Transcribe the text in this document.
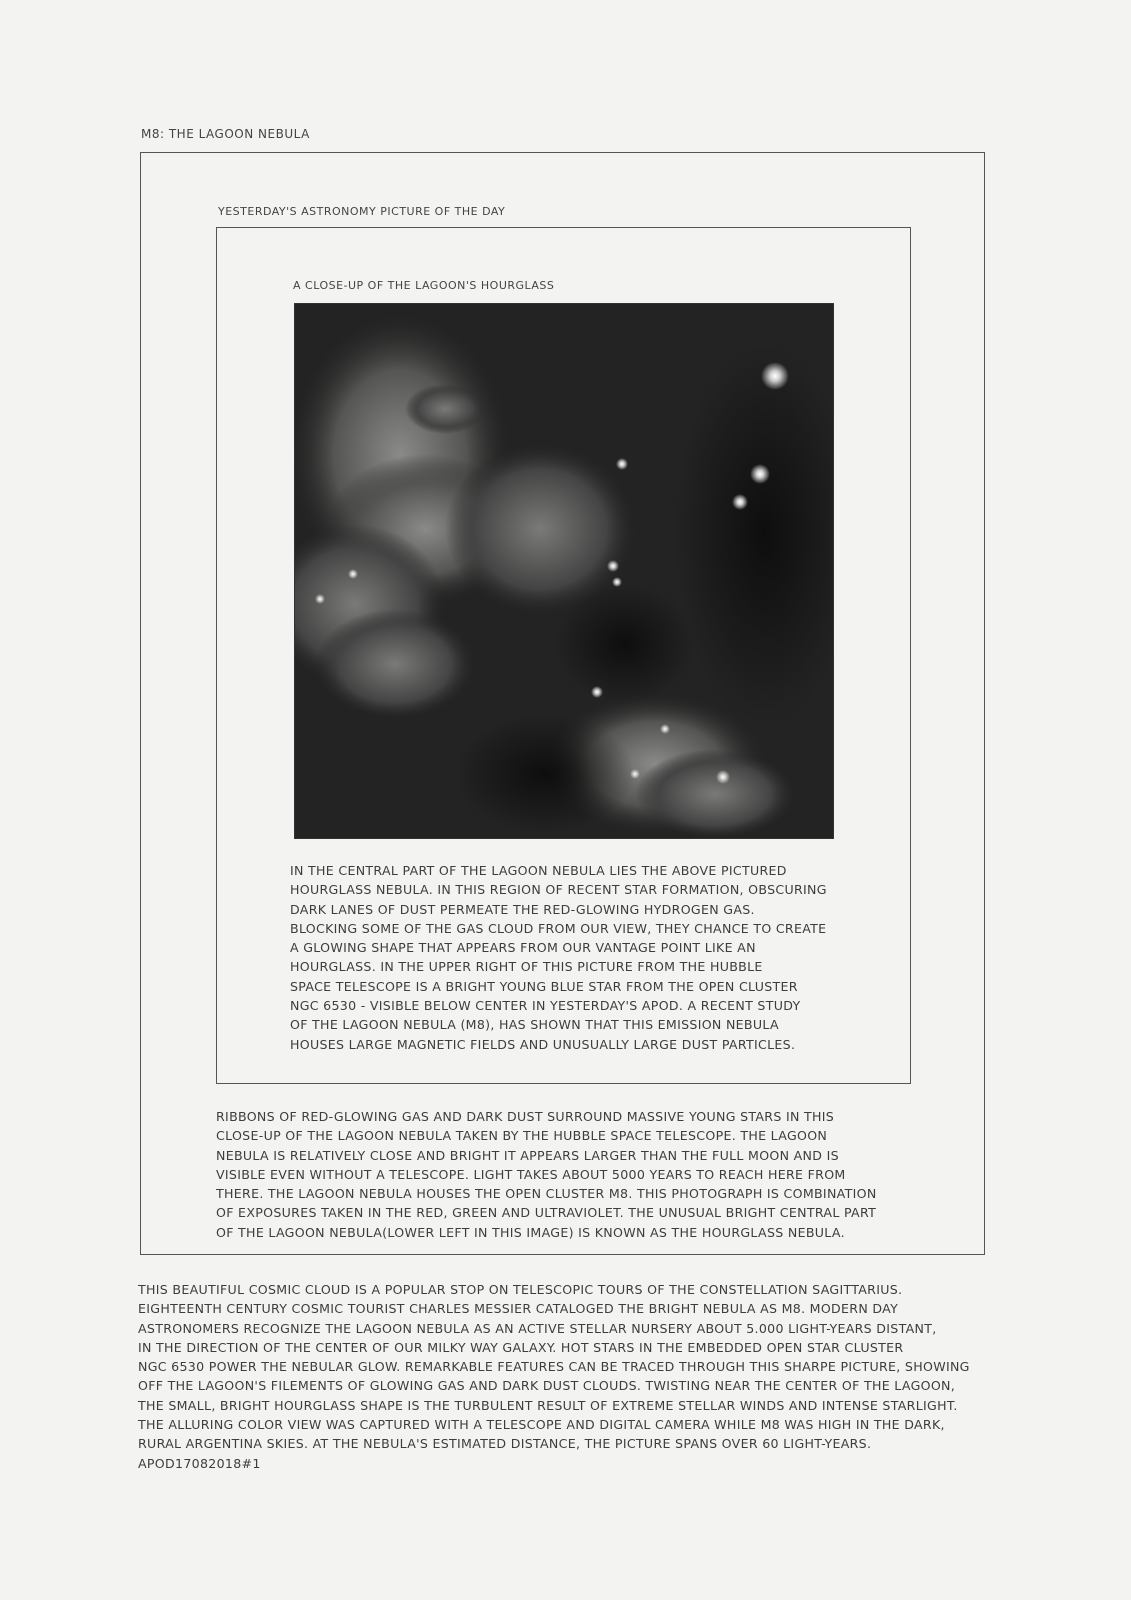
M8: THE LAGOON NEBULA
YESTERDAY'S ASTRONOMY PICTURE OF THE DAY
A CLOSE-UP OF THE LAGOON'S HOURGLASS
IN THE CENTRAL PART OF THE LAGOON NEBULA LIES THE ABOVE PICTURED
HOURGLASS NEBULA. IN THIS REGION OF RECENT STAR FORMATION, OBSCURING
DARK LANES OF DUST PERMEATE THE RED-GLOWING HYDROGEN GAS.
BLOCKING SOME OF THE GAS CLOUD FROM OUR VIEW, THEY CHANCE TO CREATE
A GLOWING SHAPE THAT APPEARS FROM OUR VANTAGE POINT LIKE AN
HOURGLASS. IN THE UPPER RIGHT OF THIS PICTURE FROM THE HUBBLE
SPACE TELESCOPE IS A BRIGHT YOUNG BLUE STAR FROM THE OPEN CLUSTER
NGC 6530 - VISIBLE BELOW CENTER IN YESTERDAY'S APOD. A RECENT STUDY
OF THE LAGOON NEBULA (M8), HAS SHOWN THAT THIS EMISSION NEBULA
HOUSES LARGE MAGNETIC FIELDS AND UNUSUALLY LARGE DUST PARTICLES.
RIBBONS OF RED-GLOWING GAS AND DARK DUST SURROUND MASSIVE YOUNG STARS IN THIS
CLOSE-UP OF THE LAGOON NEBULA TAKEN BY THE HUBBLE SPACE TELESCOPE. THE LAGOON
NEBULA IS RELATIVELY CLOSE AND BRIGHT IT APPEARS LARGER THAN THE FULL MOON AND IS
VISIBLE EVEN WITHOUT A TELESCOPE. LIGHT TAKES ABOUT 5000 YEARS TO REACH HERE FROM
THERE. THE LAGOON NEBULA HOUSES THE OPEN CLUSTER M8. THIS PHOTOGRAPH IS COMBINATION
OF EXPOSURES TAKEN IN THE RED, GREEN AND ULTRAVIOLET. THE UNUSUAL BRIGHT CENTRAL PART
OF THE LAGOON NEBULA(LOWER LEFT IN THIS IMAGE) IS KNOWN AS THE HOURGLASS NEBULA.
THIS BEAUTIFUL COSMIC CLOUD IS A POPULAR STOP ON TELESCOPIC TOURS OF THE CONSTELLATION SAGITTARIUS.
EIGHTEENTH CENTURY COSMIC TOURIST CHARLES MESSIER CATALOGED THE BRIGHT NEBULA AS M8. MODERN DAY
ASTRONOMERS RECOGNIZE THE LAGOON NEBULA AS AN ACTIVE STELLAR NURSERY ABOUT 5.000 LIGHT-YEARS DISTANT,
IN THE DIRECTION OF THE CENTER OF OUR MILKY WAY GALAXY. HOT STARS IN THE EMBEDDED OPEN STAR CLUSTER
NGC 6530 POWER THE NEBULAR GLOW. REMARKABLE FEATURES CAN BE TRACED THROUGH THIS SHARPE PICTURE, SHOWING
OFF THE LAGOON'S FILEMENTS OF GLOWING GAS AND DARK DUST CLOUDS. TWISTING NEAR THE CENTER OF THE LAGOON,
THE SMALL, BRIGHT HOURGLASS SHAPE IS THE TURBULENT RESULT OF EXTREME STELLAR WINDS AND INTENSE STARLIGHT.
THE ALLURING COLOR VIEW WAS CAPTURED WITH A TELESCOPE AND DIGITAL CAMERA WHILE M8 WAS HIGH IN THE DARK,
RURAL ARGENTINA SKIES. AT THE NEBULA'S ESTIMATED DISTANCE, THE PICTURE SPANS OVER 60 LIGHT-YEARS.
APOD17082018#1
